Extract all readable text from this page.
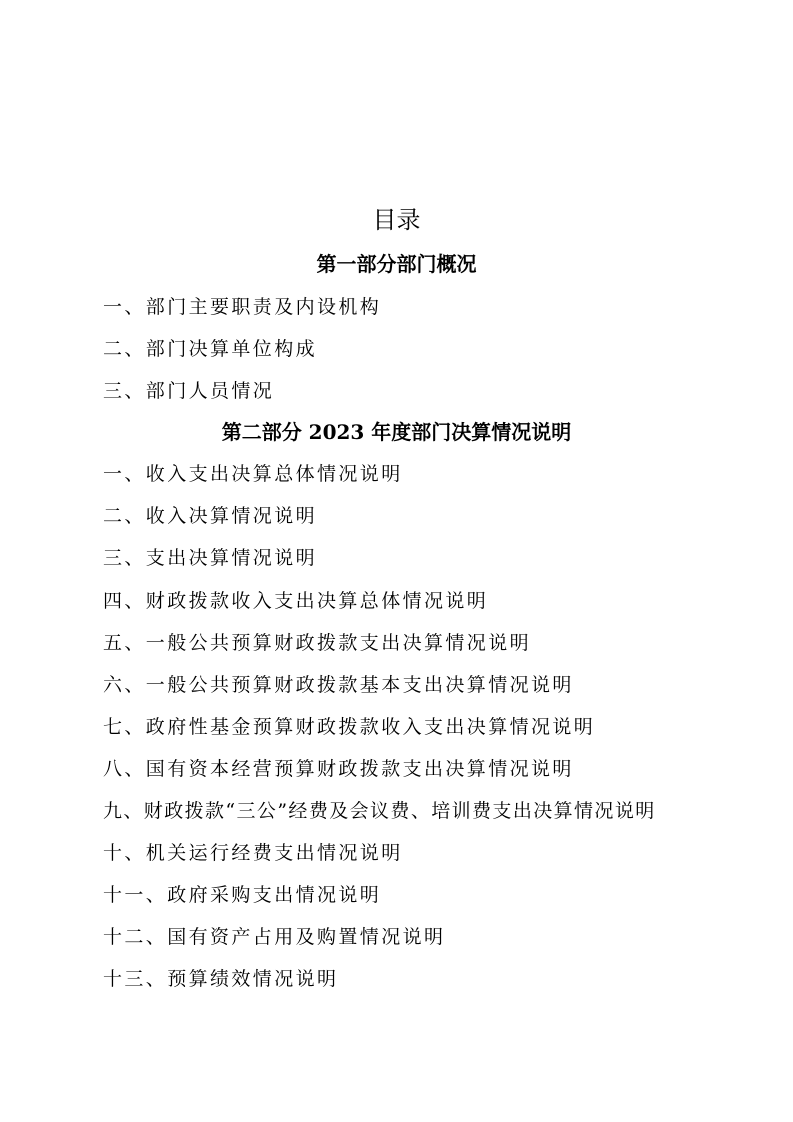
目录
第一部分部门概况
一、部门主要职责及内设机构
二、部门决算单位构成
三、部门人员情况
第二部分 2023 年度部门决算情况说明
一、收入支出决算总体情况说明
二、收入决算情况说明
三、支出决算情况说明
四、财政拨款收入支出决算总体情况说明
五、一般公共预算财政拨款支出决算情况说明
六、一般公共预算财政拨款基本支出决算情况说明
七、政府性基金预算财政拨款收入支出决算情况说明
八、国有资本经营预算财政拨款支出决算情况说明
九、财政拨款“三公”经费及会议费、培训费支出决算情况说明
十、机关运行经费支出情况说明
十一、政府采购支出情况说明
十二、国有资产占用及购置情况说明
十三、预算绩效情况说明
